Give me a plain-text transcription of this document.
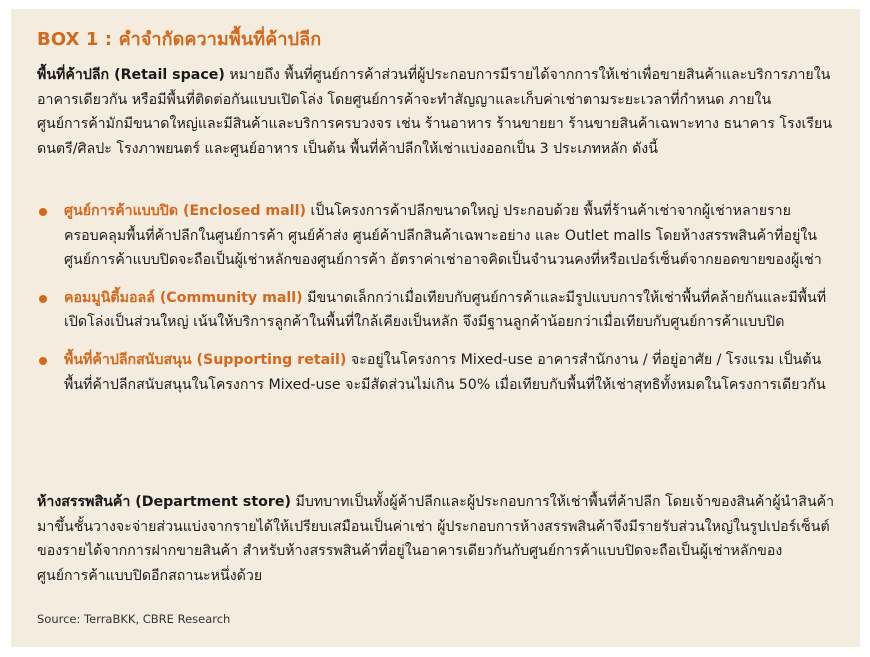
BOX 1 : คำจำกัดความพื้นที่ค้าปลีก

พื้นที่ค้าปลีก (Retail space) หมายถึง พื้นที่ศูนย์การค้าส่วนที่ผู้ประกอบการมีรายได้จากการให้เช่าเพื่อขายสินค้าและบริการภายในอาคารเดียวกัน หรือมีพื้นที่ติดต่อกันแบบเปิดโล่ง โดยศูนย์การค้าจะทำสัญญาและเก็บค่าเช่าตามระยะเวลาที่กำหนด ภายในศูนย์การค้ามักมีขนาดใหญ่และมีสินค้าและบริการครบวงจร เช่น ร้านอาหาร ร้านขายยา ร้านขายสินค้าเฉพาะทาง ธนาคาร โรงเรียนดนตรี/ศิลปะ โรงภาพยนตร์ และศูนย์อาหาร เป็นต้น พื้นที่ค้าปลีกให้เช่าแบ่งออกเป็น 3 ประเภทหลัก ดังนี้

ศูนย์การค้าแบบปิด (Enclosed mall) เป็นโครงการค้าปลีกขนาดใหญ่ ประกอบด้วย พื้นที่ร้านค้าเช่าจากผู้เช่าหลายราย ครอบคลุมพื้นที่ค้าปลีกในศูนย์การค้า ศูนย์ค้าส่ง ศูนย์ค้าปลีกสินค้าเฉพาะอย่าง และ Outlet malls โดยห้างสรรพสินค้าที่อยู่ในศูนย์การค้าแบบปิดจะถือเป็นผู้เช่าหลักของศูนย์การค้า อัตราค่าเช่าอาจคิดเป็นจำนวนคงที่หรือเปอร์เซ็นต์จากยอดขายของผู้เช่า
คอมมูนิตี้มอลล์ (Community mall) มีขนาดเล็กกว่าเมื่อเทียบกับศูนย์การค้าและมีรูปแบบการให้เช่าพื้นที่คล้ายกันและมีพื้นที่เปิดโล่งเป็นส่วนใหญ่ เน้นให้บริการลูกค้าในพื้นที่ใกล้เคียงเป็นหลัก จึงมีฐานลูกค้าน้อยกว่าเมื่อเทียบกับศูนย์การค้าแบบปิด
พื้นที่ค้าปลีกสนับสนุน (Supporting retail) จะอยู่ในโครงการ Mixed-use อาคารสำนักงาน / ที่อยู่อาศัย / โรงแรม เป็นต้น พื้นที่ค้าปลีกสนับสนุนในโครงการ Mixed-use จะมีสัดส่วนไม่เกิน 50% เมื่อเทียบกับพื้นที่ให้เช่าสุทธิทั้งหมดในโครงการเดียวกัน

ห้างสรรพสินค้า (Department store) มีบทบาทเป็นทั้งผู้ค้าปลีกและผู้ประกอบการให้เช่าพื้นที่ค้าปลีก โดยเจ้าของสินค้าผู้นำสินค้ามาขึ้นชั้นวางจะจ่ายส่วนแบ่งจากรายได้ให้เปรียบเสมือนเป็นค่าเช่า ผู้ประกอบการห้างสรรพสินค้าจึงมีรายรับส่วนใหญ่ในรูปเปอร์เซ็นต์ของรายได้จากการฝากขายสินค้า สำหรับห้างสรรพสินค้าที่อยู่ในอาคารเดียวกันกับศูนย์การค้าแบบปิดจะถือเป็นผู้เช่าหลักของศูนย์การค้าแบบปิดอีกสถานะหนึ่งด้วย

Source: TerraBKK, CBRE Research
